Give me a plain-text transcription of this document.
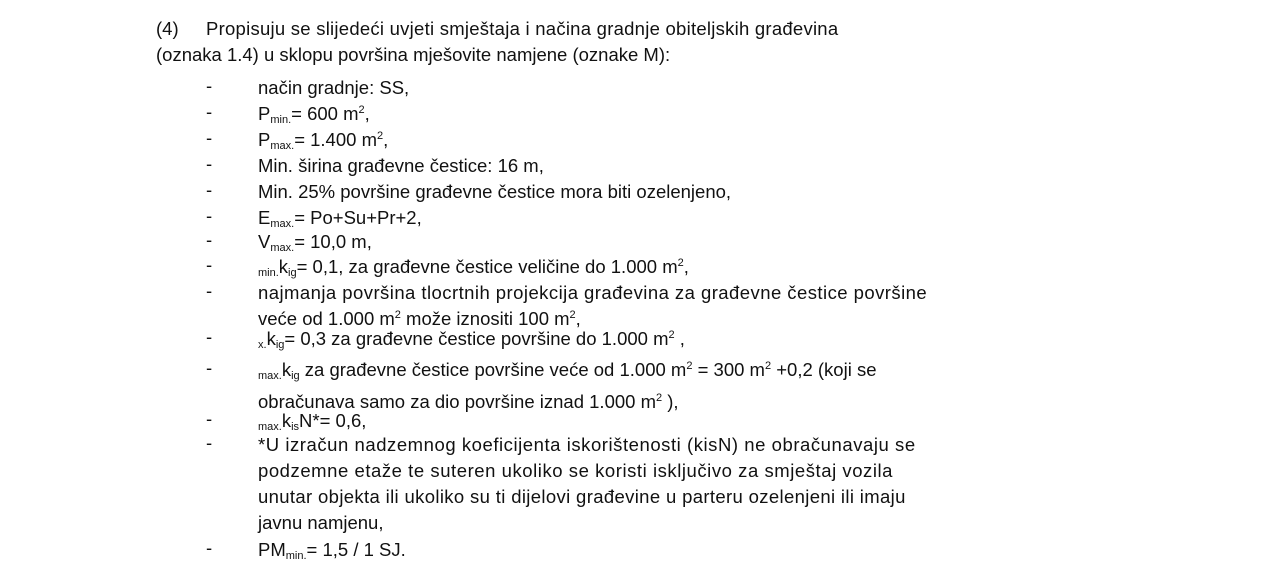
(4) Propisuju se slijedeći uvjeti smještaja i načina gradnje obiteljskih građevina
(oznaka 1.4) u sklopu površina mješovite namjene (oznake M):
- način gradnje: SS,
- $P_{min.}= 600$ $m^2$,
- $P_{max.}= 1.400$ $m^2$,
- Min. širina građevne čestice: 16 m,
- Min. 25% površine građevne čestice mora biti ozelenjeno,
- $E_{max.}= Po+Su+Pr+2$,
- $V_{max.}= 10,0$ m,
-	$\min.k_{ig}= 0,1$, za građevne čestice veličine do 1.000 $m^2$,
- najmanja površina tlocrtnih projekcija građevina za građevne čestice površine
veće od 1.000 $m^2$ može iznositi 100 $m^2$,
-	$x.k_{ig}= 0,3$ za građevne čestice površine do 1.000 $m^2$ ,
-	$\max.k_{ig}$ za građevne čestice površine veće od 1.000 $m^2 = 300$ $m^2 +0,2$ (koji se
obračunava samo za dio površine iznad 1.000 $m^2$ ),
-	$\max.k_{is}N*= 0,6$,
- *U izračun nadzemnog koeficijenta iskorištenosti (kisN) ne obračunavaju se
podzemne etaže te suteren ukoliko se koristi isključivo za smještaj vozila
unutar objekta ili ukoliko su ti dijelovi građevine u parteru ozelenjeni ili imaju
javnu namjenu,
- $PM_{min.}= 1,5 / 1$ SJ.
